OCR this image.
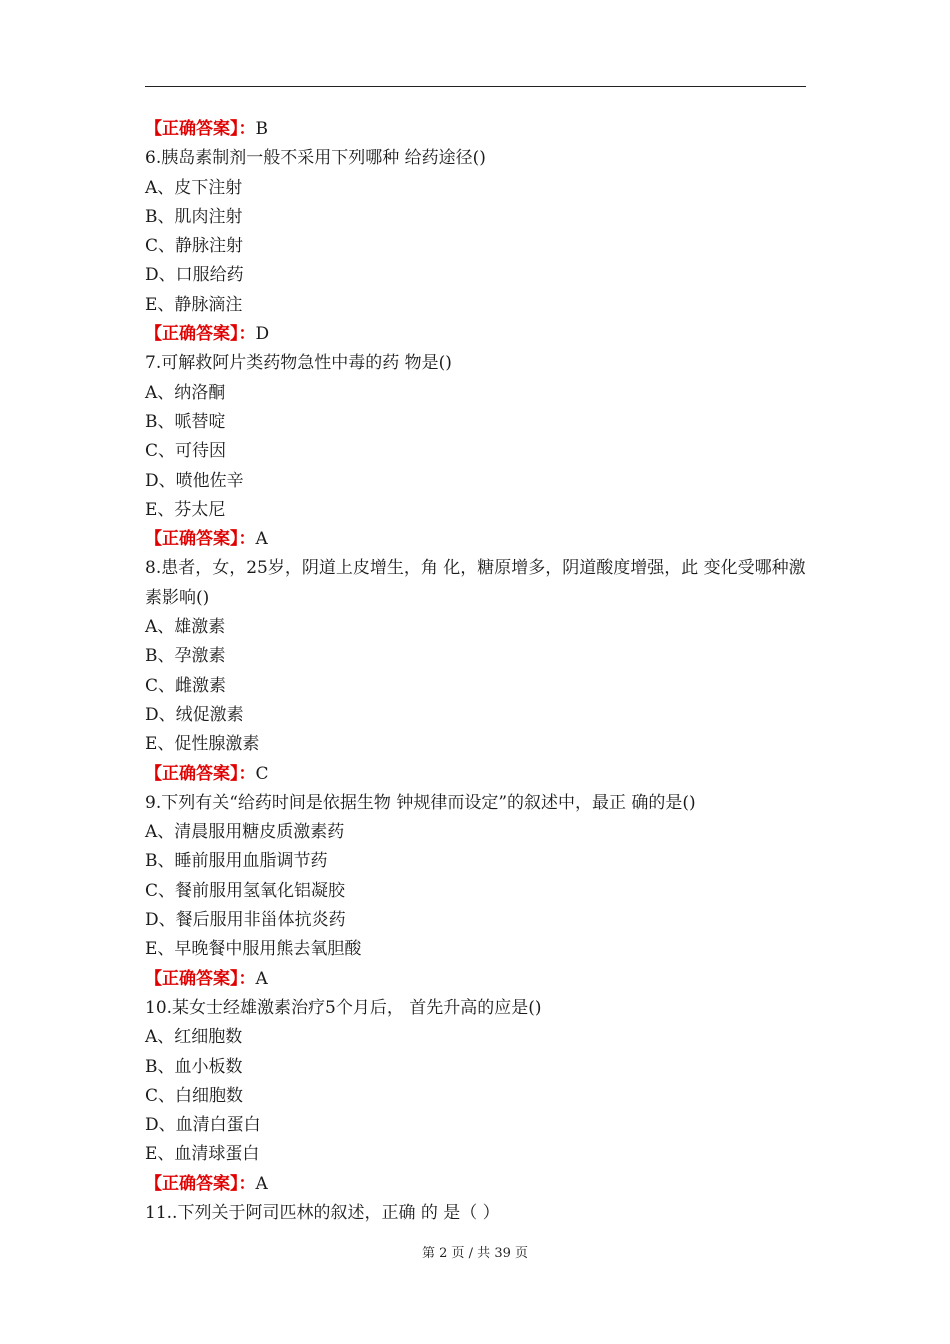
【正确答案】：B
6.胰岛素制剂一般不采用下列哪种 给药途径()
A、皮下注射
B、肌肉注射
C、静脉注射
D、口服给药
E、静脉滴注
【正确答案】：D
7.可解救阿片类药物急性中毒的药 物是()
A、纳洛酮
B、哌替啶
C、可待因
D、喷他佐辛
E、芬太尼
【正确答案】：A
8.患者，女，25岁，阴道上皮增生，角 化，糖原增多，阴道酸度增强，此 变化受哪种激素影响()
A、雄激素
B、孕激素
C、雌激素
D、绒促激素
E、促性腺激素
【正确答案】：C
9.下列有关“给药时间是依据生物 钟规律而设定”的叙述中，最正 确的是()
A、清晨服用糖皮质激素药
B、睡前服用血脂调节药
C、餐前服用氢氧化铝凝胶
D、餐后服用非甾体抗炎药
E、早晚餐中服用熊去氧胆酸
【正确答案】：A
10.某女士经雄激素治疗5个月后， 首先升高的应是()
A、红细胞数
B、血小板数
C、白细胞数
D、血清白蛋白
E、血清球蛋白
【正确答案】：A
11..下列关于阿司匹林的叙述，正确 的 是（ ）
第 2 页 / 共 39 页
